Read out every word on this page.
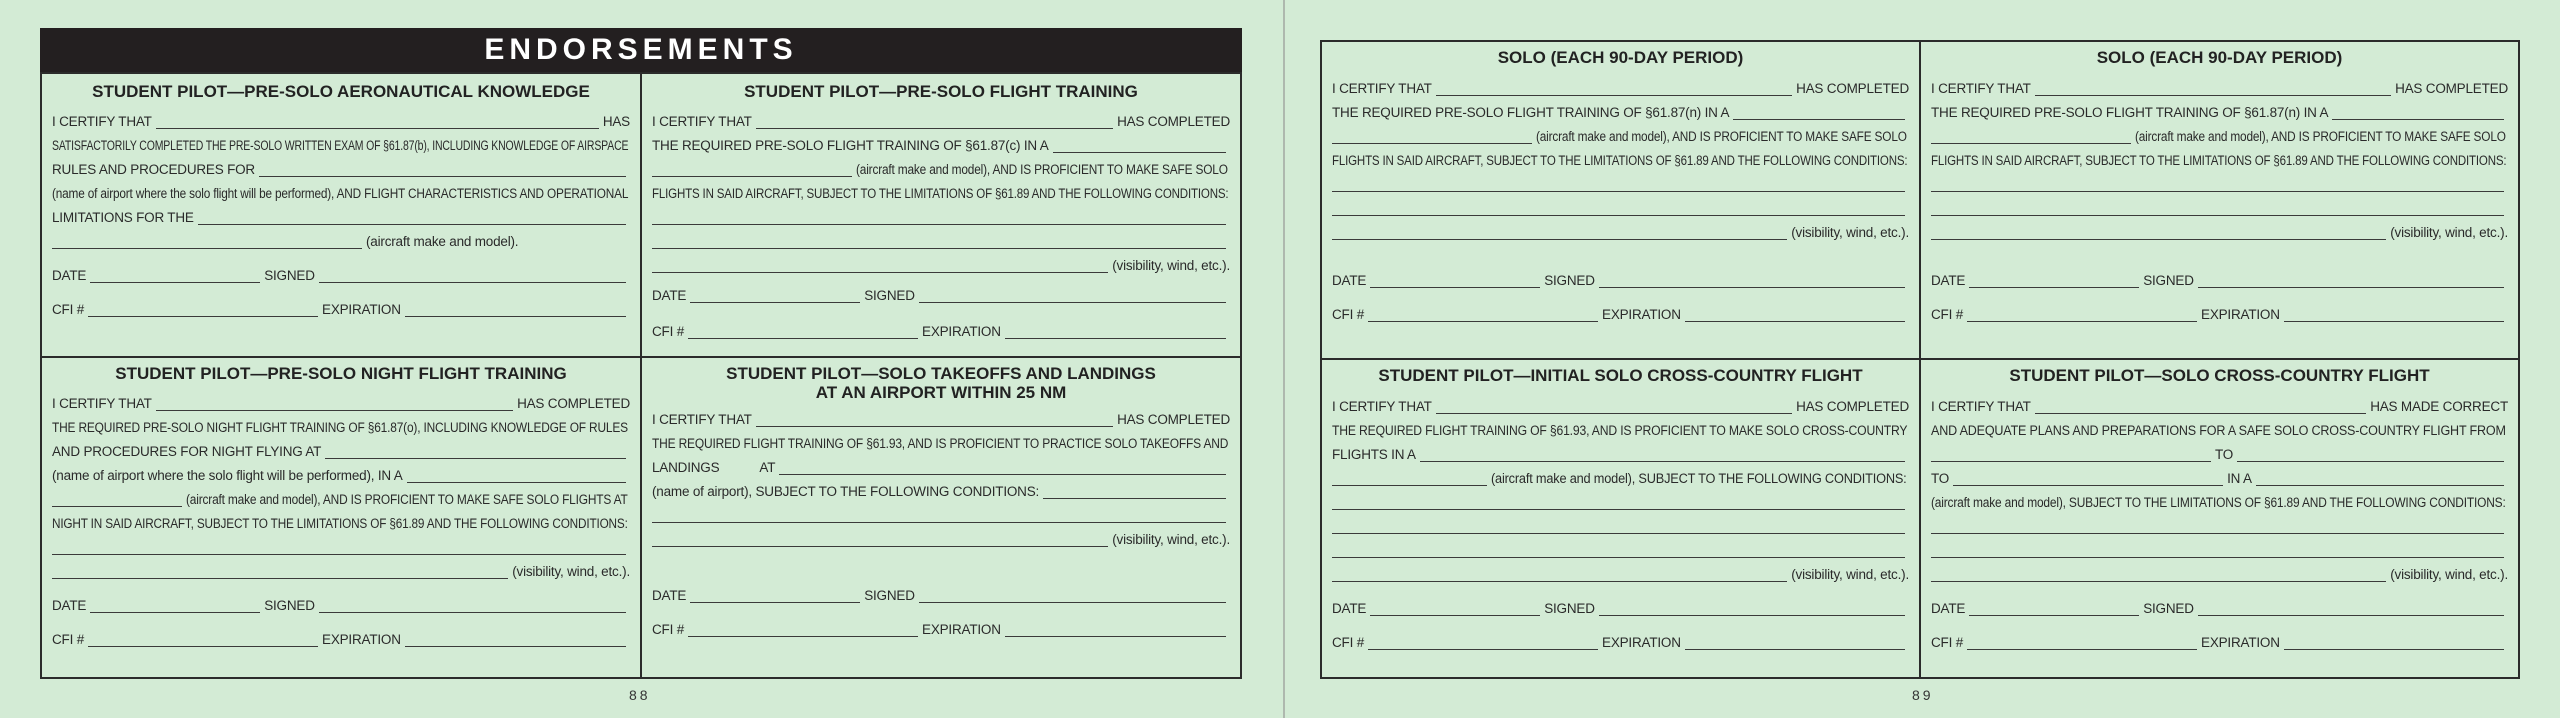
ENDORSEMENTS
STUDENT PILOT—PRE-SOLO AERONAUTICAL KNOWLEDGE
I CERTIFY THAT	HAS
SATISFACTORILY COMPLETED THE PRE-SOLO WRITTEN EXAM OF §61.87(b), INCLUDING KNOWLEDGE OF AIRSPACE
RULES AND PROCEDURES FOR
(name of airport where the solo flight will be performed), AND FLIGHT CHARACTERISTICS AND OPERATIONAL
LIMITATIONS FOR THE
(aircraft make and model).
DATE	SIGNED
CFI #	EXPIRATION
STUDENT PILOT—PRE-SOLO FLIGHT TRAINING
I CERTIFY THAT	HAS COMPLETED
THE REQUIRED PRE-SOLO FLIGHT TRAINING OF §61.87(c) IN A
(aircraft make and model), AND IS PROFICIENT TO MAKE SAFE SOLO
FLIGHTS IN SAID AIRCRAFT, SUBJECT TO THE LIMITATIONS OF §61.89 AND THE FOLLOWING CONDITIONS:
(visibility, wind, etc.).
DATE	SIGNED
CFI #	EXPIRATION
STUDENT PILOT—PRE-SOLO NIGHT FLIGHT TRAINING
I CERTIFY THAT	HAS COMPLETED
THE REQUIRED PRE-SOLO NIGHT FLIGHT TRAINING OF §61.87(o), INCLUDING KNOWLEDGE OF RULES
AND PROCEDURES FOR NIGHT FLYING AT
(name of airport where the solo flight will be performed), IN A
(aircraft make and model), AND IS PROFICIENT TO MAKE SAFE SOLO FLIGHTS AT
NIGHT IN SAID AIRCRAFT, SUBJECT TO THE LIMITATIONS OF §61.89 AND THE FOLLOWING CONDITIONS:
(visibility, wind, etc.).
DATE	SIGNED
CFI #	EXPIRATION
STUDENT PILOT—SOLO TAKEOFFS AND LANDINGS
AT AN AIRPORT WITHIN 25 NM
I CERTIFY THAT	HAS COMPLETED
THE REQUIRED FLIGHT TRAINING OF §61.93, AND IS PROFICIENT TO PRACTICE SOLO TAKEOFFS AND
LANDINGS	AT
(name of airport), SUBJECT TO THE FOLLOWING CONDITIONS:
(visibility, wind, etc.).
DATE	SIGNED
CFI #	EXPIRATION
88
SOLO (EACH 90-DAY PERIOD)
I CERTIFY THAT	HAS COMPLETED
THE REQUIRED PRE-SOLO FLIGHT TRAINING OF §61.87(n) IN A
(aircraft make and model), AND IS PROFICIENT TO MAKE SAFE SOLO
FLIGHTS IN SAID AIRCRAFT, SUBJECT TO THE LIMITATIONS OF §61.89 AND THE FOLLOWING CONDITIONS:
(visibility, wind, etc.).
DATE	SIGNED
CFI #	EXPIRATION
SOLO (EACH 90-DAY PERIOD)
I CERTIFY THAT	HAS COMPLETED
THE REQUIRED PRE-SOLO FLIGHT TRAINING OF §61.87(n) IN A
(aircraft make and model), AND IS PROFICIENT TO MAKE SAFE SOLO
FLIGHTS IN SAID AIRCRAFT, SUBJECT TO THE LIMITATIONS OF §61.89 AND THE FOLLOWING CONDITIONS:
(visibility, wind, etc.).
DATE	SIGNED
CFI #	EXPIRATION
STUDENT PILOT—INITIAL SOLO CROSS-COUNTRY FLIGHT
I CERTIFY THAT	HAS COMPLETED
THE REQUIRED FLIGHT TRAINING OF §61.93, AND IS PROFICIENT TO MAKE SOLO CROSS-COUNTRY
FLIGHTS IN A
(aircraft make and model), SUBJECT TO THE FOLLOWING CONDITIONS:
(visibility, wind, etc.).
DATE	SIGNED
CFI #	EXPIRATION
STUDENT PILOT—SOLO CROSS-COUNTRY FLIGHT
I CERTIFY THAT	HAS MADE CORRECT
AND ADEQUATE PLANS AND PREPARATIONS FOR A SAFE SOLO CROSS-COUNTRY FLIGHT FROM
TO
TO	IN A
(aircraft make and model), SUBJECT TO THE LIMITATIONS OF §61.89 AND THE FOLLOWING CONDITIONS:
(visibility, wind, etc.).
DATE	SIGNED
CFI #	EXPIRATION
89
